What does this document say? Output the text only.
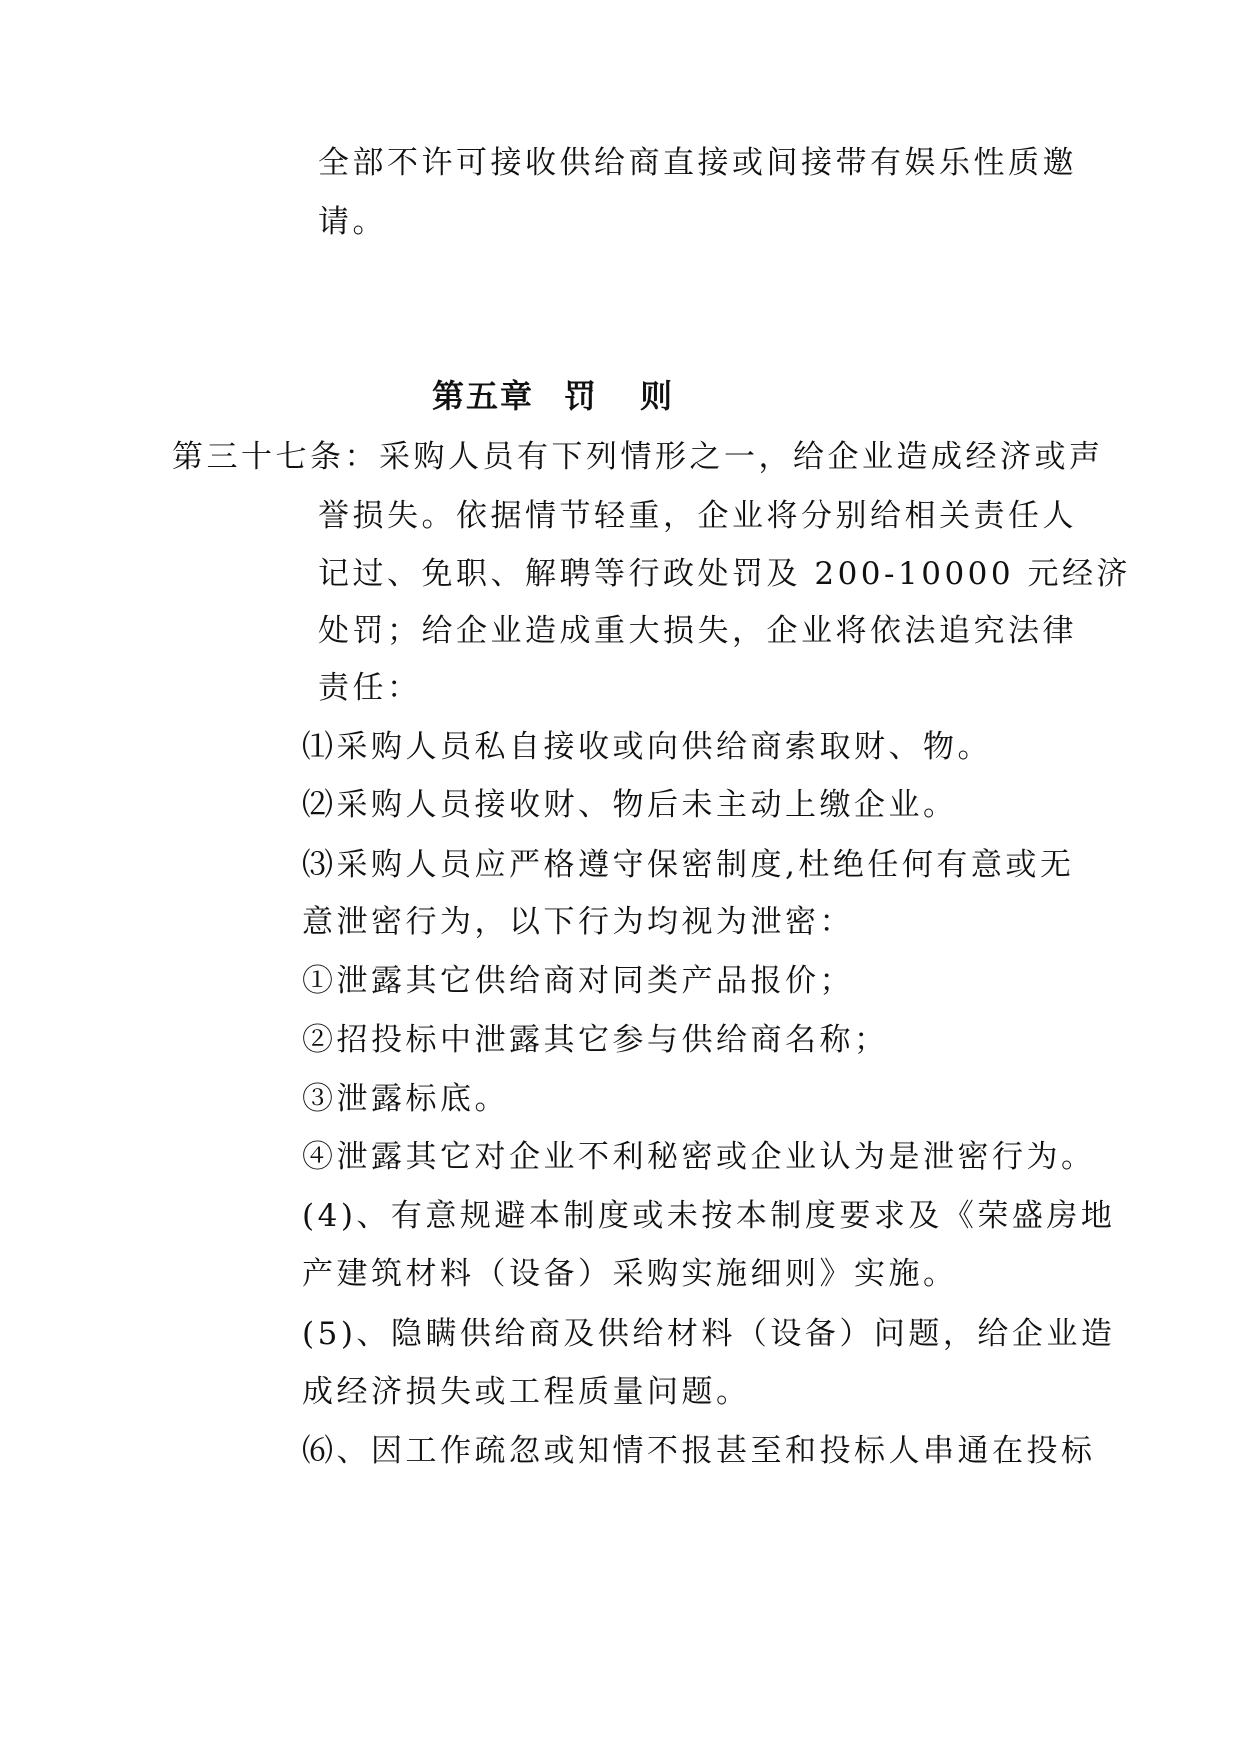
全部不许可接收供给商直接或间接带有娱乐性质邀
请。
第五章 罚 则
第三十七条：采购人员有下列情形之一，给企业造成经济或声
誉损失。依据情节轻重，企业将分别给相关责任人
记过、免职、解聘等行政处罚及 200-10000 元经济
处罚；给企业造成重大损失，企业将依法追究法律
责任：
⑴采购人员私自接收或向供给商索取财、物。
⑵采购人员接收财、物后未主动上缴企业。
⑶采购人员应严格遵守保密制度,杜绝任何有意或无
意泄密行为，以下行为均视为泄密：
①泄露其它供给商对同类产品报价；
②招投标中泄露其它参与供给商名称；
③泄露标底。
④泄露其它对企业不利秘密或企业认为是泄密行为。
(4)、有意规避本制度或未按本制度要求及《荣盛房地
产建筑材料（设备）采购实施细则》实施。
(5)、隐瞒供给商及供给材料（设备）问题，给企业造
成经济损失或工程质量问题。
⑹、因工作疏忽或知情不报甚至和投标人串通在投标
